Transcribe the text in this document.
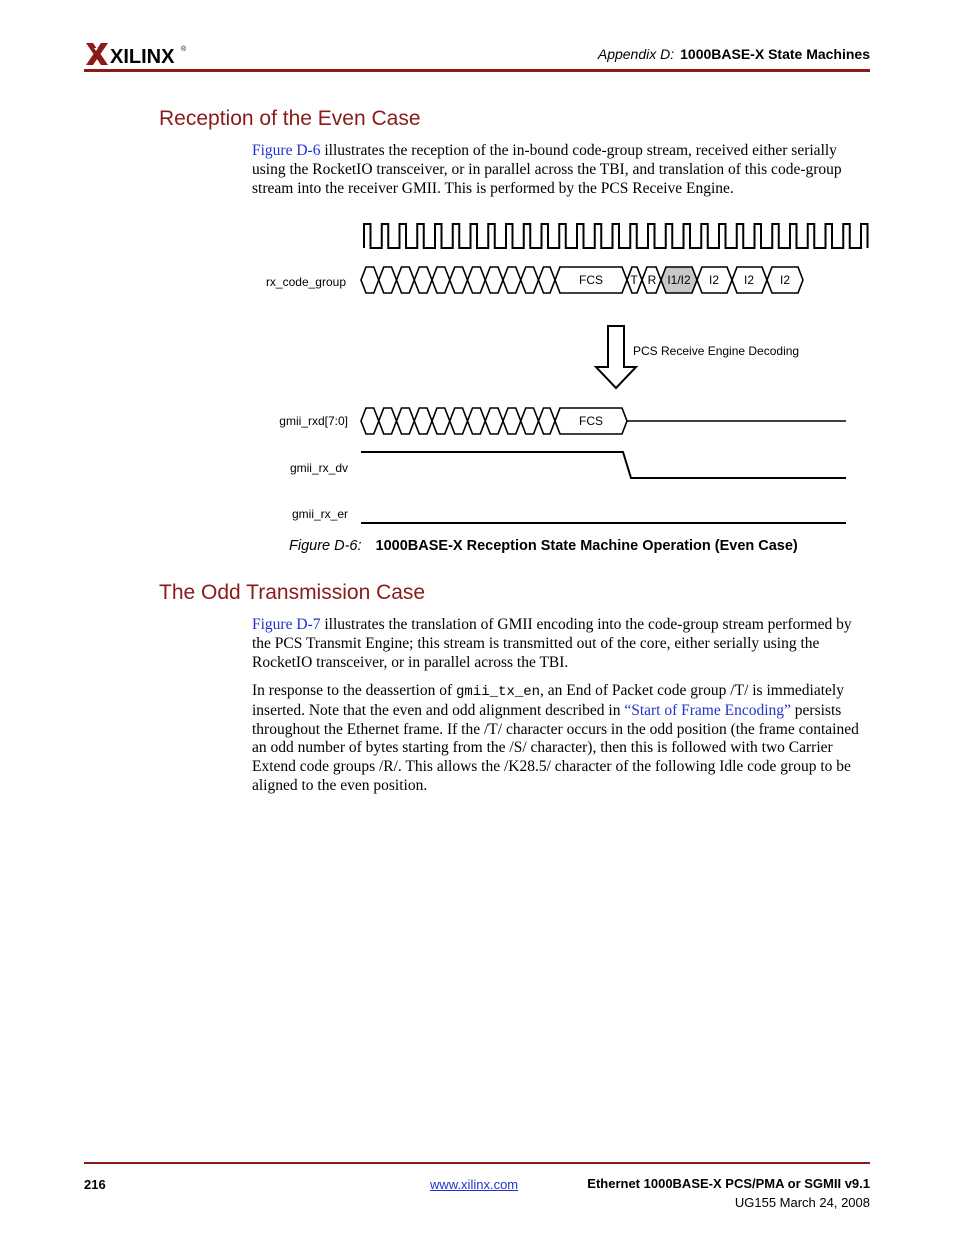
XILINX ®	Appendix D: 1000BASE-X State Machines
Reception of the Even Case

Figure D-6 illustrates the reception of the in-bound code-group stream, received either serially using the RocketIO transceiver, or in parallel across the TBI, and translation of this code-group stream into the receiver GMII. This is performed by the PCS Receive Engine.

rx_code_group	FCS T R I1/I2 I2 I2 I2
PCS Receive Engine Decoding
gmii_rxd[7:0]	FCS
gmii_rx_dv
gmii_rx_er
Figure D-6: 1000BASE-X Reception State Machine Operation (Even Case)
The Odd Transmission Case

Figure D-7 illustrates the translation of GMII encoding into the code-group stream performed by the PCS Transmit Engine; this stream is transmitted out of the core, either serially using the RocketIO transceiver, or in parallel across the TBI.

In response to the deassertion of gmii_tx_en, an End of Packet code group /T/ is immediately inserted. Note that the even and odd alignment described in “Start of Frame Encoding” persists throughout the Ethernet frame. If the /T/ character occurs in the odd position (the frame contained an odd number of bytes starting from the /S/ character), then this is followed with two Carrier Extend code groups /R/. This allows the /K28.5/ character of the following Idle code group to be aligned to the even position.

216	www.xilinx.com	Ethernet 1000BASE-X PCS/PMA or SGMII v9.1
UG155 March 24, 2008
